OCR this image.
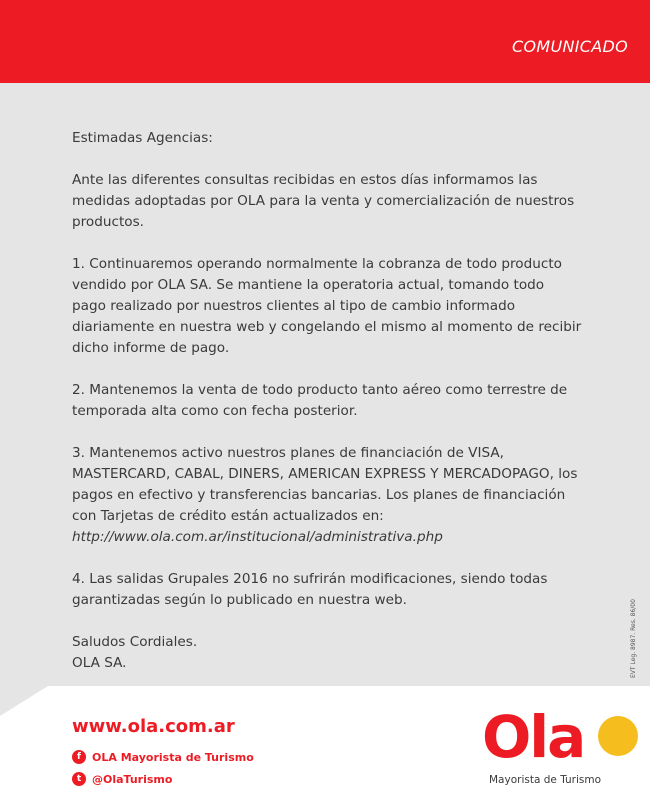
COMUNICADO

Estimadas Agencias:

Ante las diferentes consultas recibidas en estos días informamos las medidas adoptadas por OLA para la venta y comercialización de nuestros productos.

1. Continuaremos operando normalmente la cobranza de todo producto vendido por OLA SA. Se mantiene la operatoria actual, tomando todo pago realizado por nuestros clientes al tipo de cambio informado diariamente en nuestra web y congelando el mismo al momento de recibir dicho informe de pago.

2. Mantenemos la venta de todo producto tanto aéreo como terrestre de temporada alta como con fecha posterior.

3. Mantenemos activo nuestros planes de financiación de VISA, MASTERCARD, CABAL, DINERS, AMERICAN EXPRESS Y MERCADOPAGO, los pagos en efectivo y transferencias bancarias. Los planes de financiación con Tarjetas de crédito están actualizados en: http://www.ola.com.ar/institucional/administrativa.php

4. Las salidas Grupales 2016 no sufrirán modificaciones, siendo todas garantizadas según lo publicado en nuestra web.

Saludos Cordiales.

OLA SA.	EVT Leg. 8987. Res. 86/00
www.ola.com.ar
f	OLA Mayorista de Turismo
t @OlaTurismo
Ola
Mayorista de Turismo
